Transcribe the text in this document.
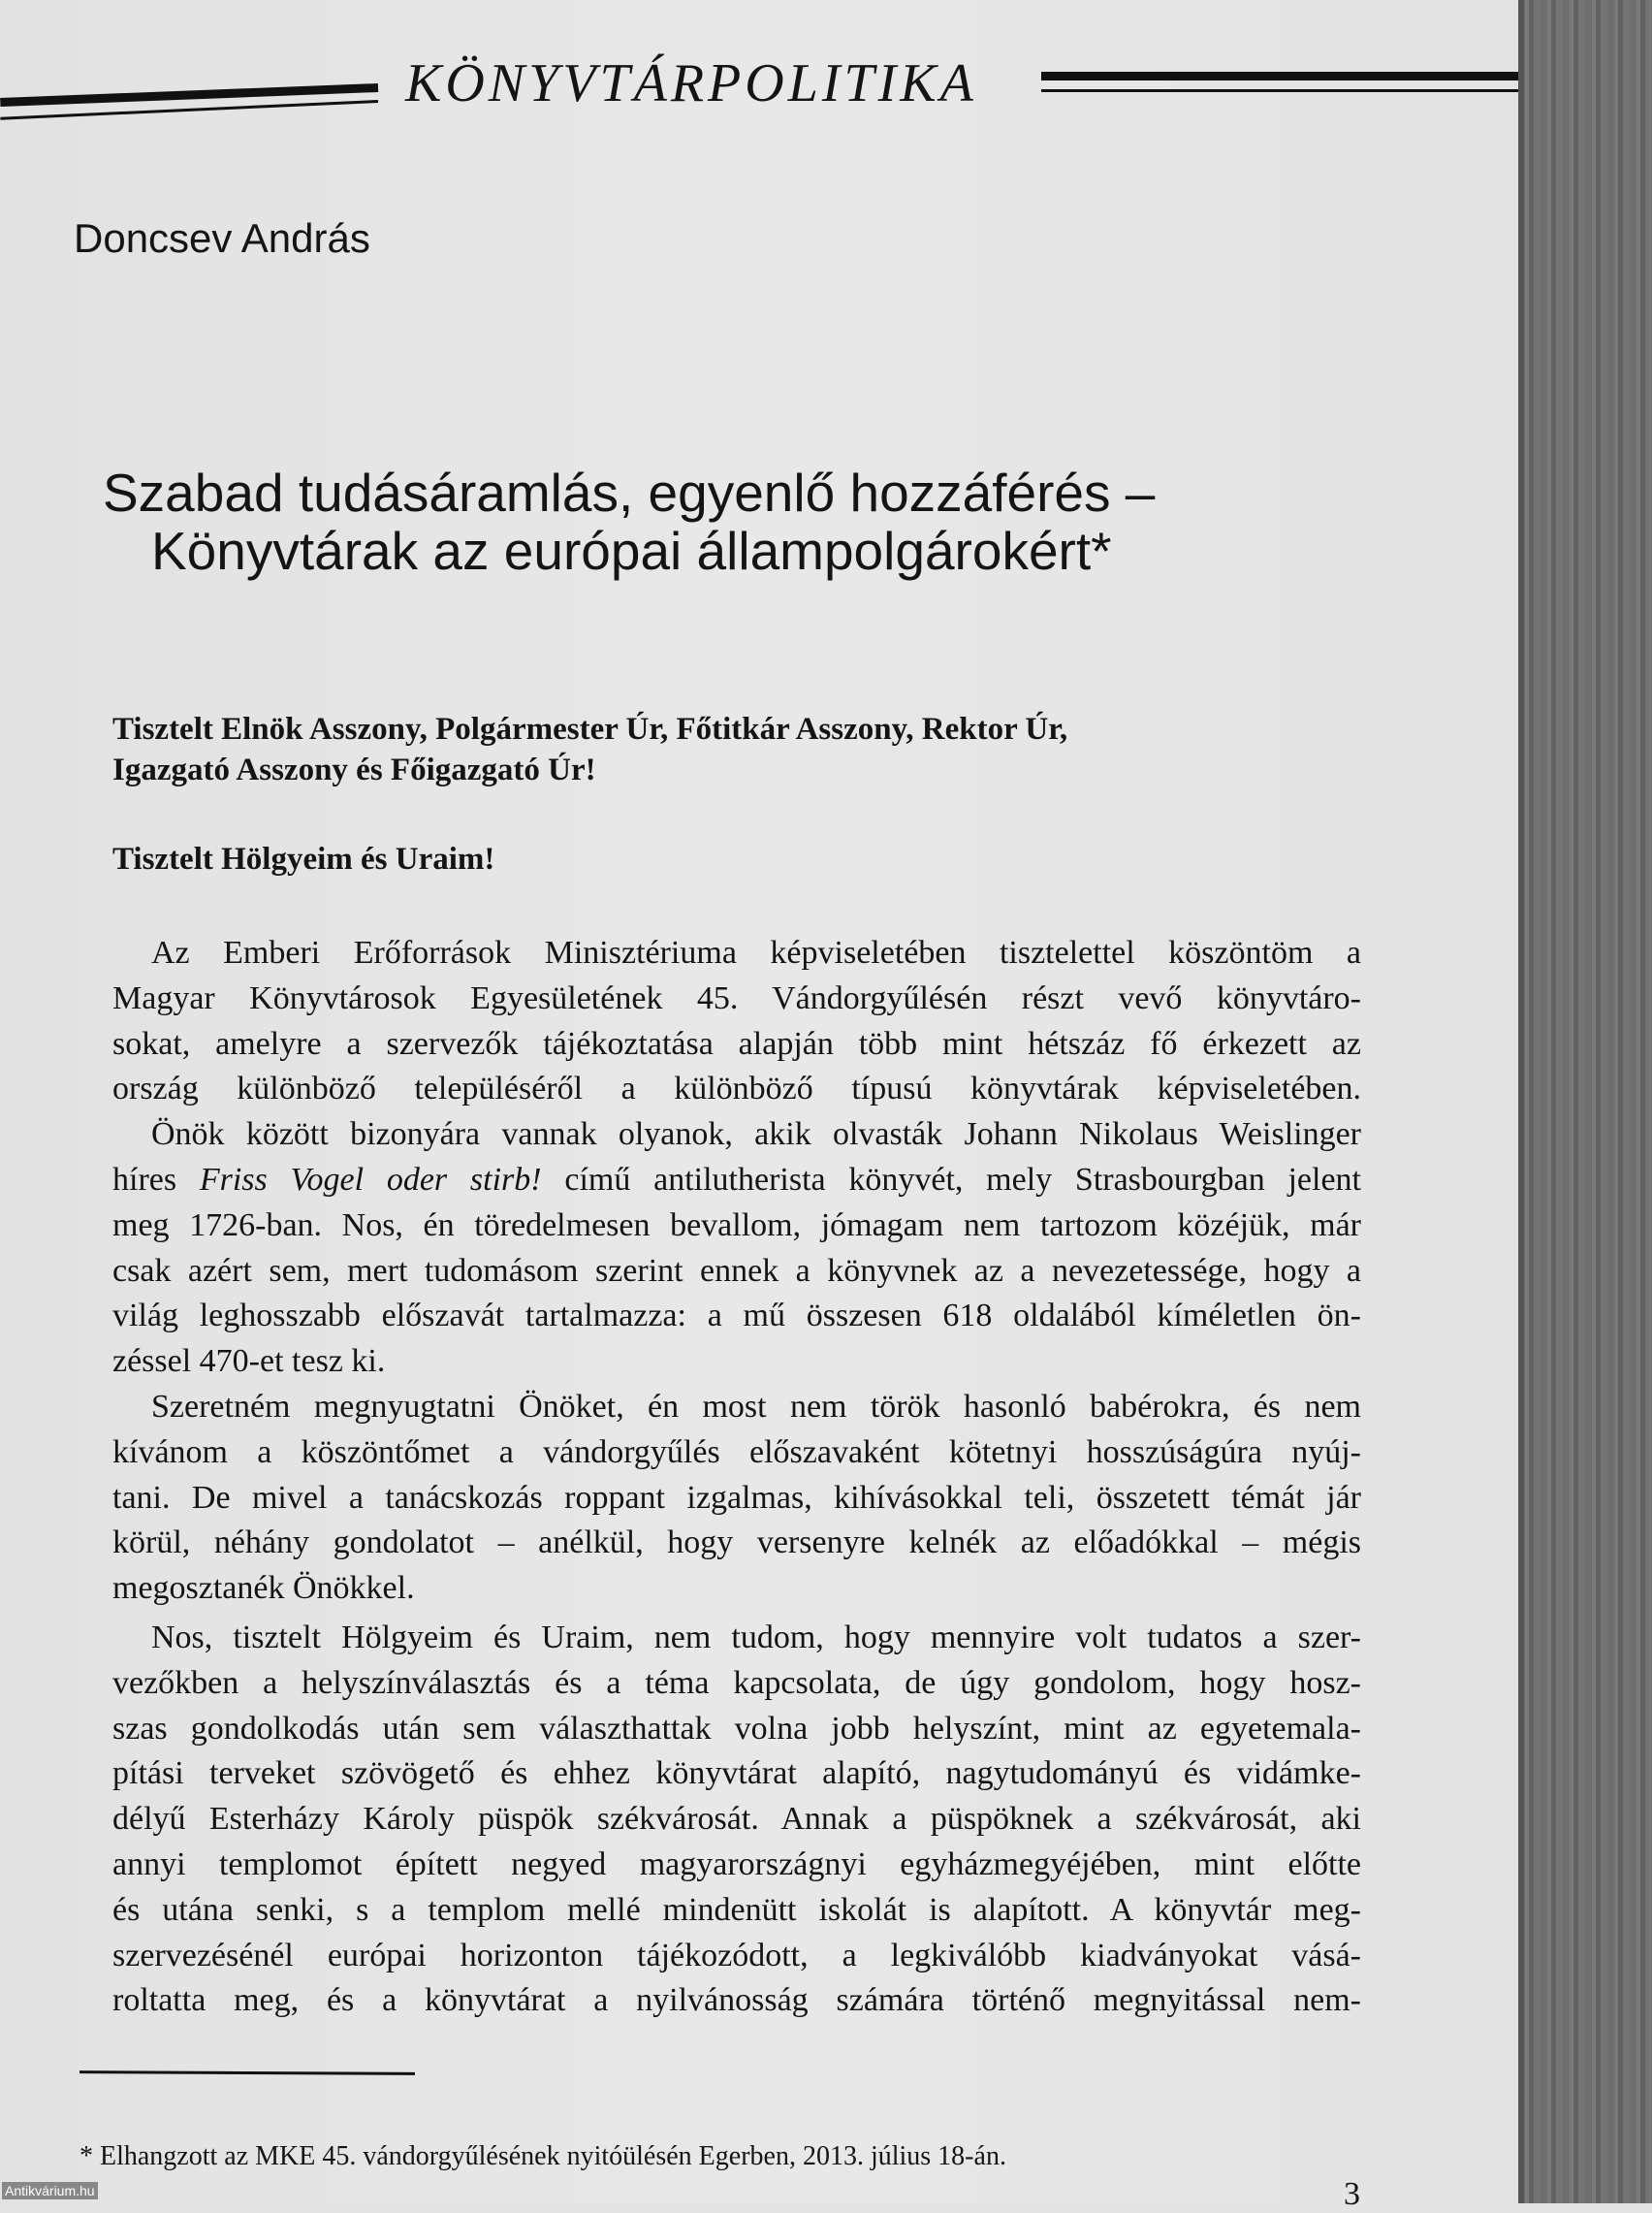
KÖNYVTÁRPOLITIKA
Doncsev András
Szabad tudásáramlás, egyenlő hozzáférés –
Könyvtárak az európai állampolgárokért*
Tisztelt Elnök Asszony, Polgármester Úr, Főtitkár Asszony, Rektor Úr,
Igazgató Asszony és Főigazgató Úr!
Tisztelt Hölgyeim és Uraim!
Az Emberi Erőforrások Minisztériuma képviseletében tisztelettel köszöntöm a
Magyar Könyvtárosok Egyesületének 45. Vándorgyűlésén részt vevő könyvtáro-
sokat, amelyre a szervezők tájékoztatása alapján több mint hétszáz fő érkezett az
ország különböző településéről a különböző típusú könyvtárak képviseletében.
Önök között bizonyára vannak olyanok, akik olvasták Johann Nikolaus Weislinger
híres Friss Vogel oder stirb! című antilutherista könyvét, mely Strasbourgban jelent
meg 1726-ban. Nos, én töredelmesen bevallom, jómagam nem tartozom közéjük, már
csak azért sem, mert tudomásom szerint ennek a könyvnek az a nevezetessége, hogy a
világ leghosszabb előszavát tartalmazza: a mű összesen 618 oldalából kíméletlen ön-
zéssel 470-et tesz ki.
Szeretném megnyugtatni Önöket, én most nem török hasonló babérokra, és nem
kívánom a köszöntőmet a vándorgyűlés előszavaként kötetnyi hosszúságúra nyúj-
tani. De mivel a tanácskozás roppant izgalmas, kihívásokkal teli, összetett témát jár
körül, néhány gondolatot – anélkül, hogy versenyre kelnék az előadókkal – mégis
megosztanék Önökkel.
Nos, tisztelt Hölgyeim és Uraim, nem tudom, hogy mennyire volt tudatos a szer-
vezőkben a helyszínválasztás és a téma kapcsolata, de úgy gondolom, hogy hosz-
szas gondolkodás után sem választhattak volna jobb helyszínt, mint az egyetemala-
pítási terveket szövögető és ehhez könyvtárat alapító, nagytudományú és vidámke-
délyű Esterházy Károly püspök székvárosát. Annak a püspöknek a székvárosát, aki
annyi templomot épített negyed magyarországnyi egyházmegyéjében, mint előtte
és utána senki, s a templom mellé mindenütt iskolát is alapított. A könyvtár meg-
szervezésénél európai horizonton tájékozódott, a legkiválóbb kiadványokat vásá-
roltatta meg, és a könyvtárat a nyilvánosság számára történő megnyitással nem-
* Elhangzott az MKE 45. vándorgyűlésének nyitóülésén Egerben, 2013. július 18-án.
3
Antikvárium.hu
